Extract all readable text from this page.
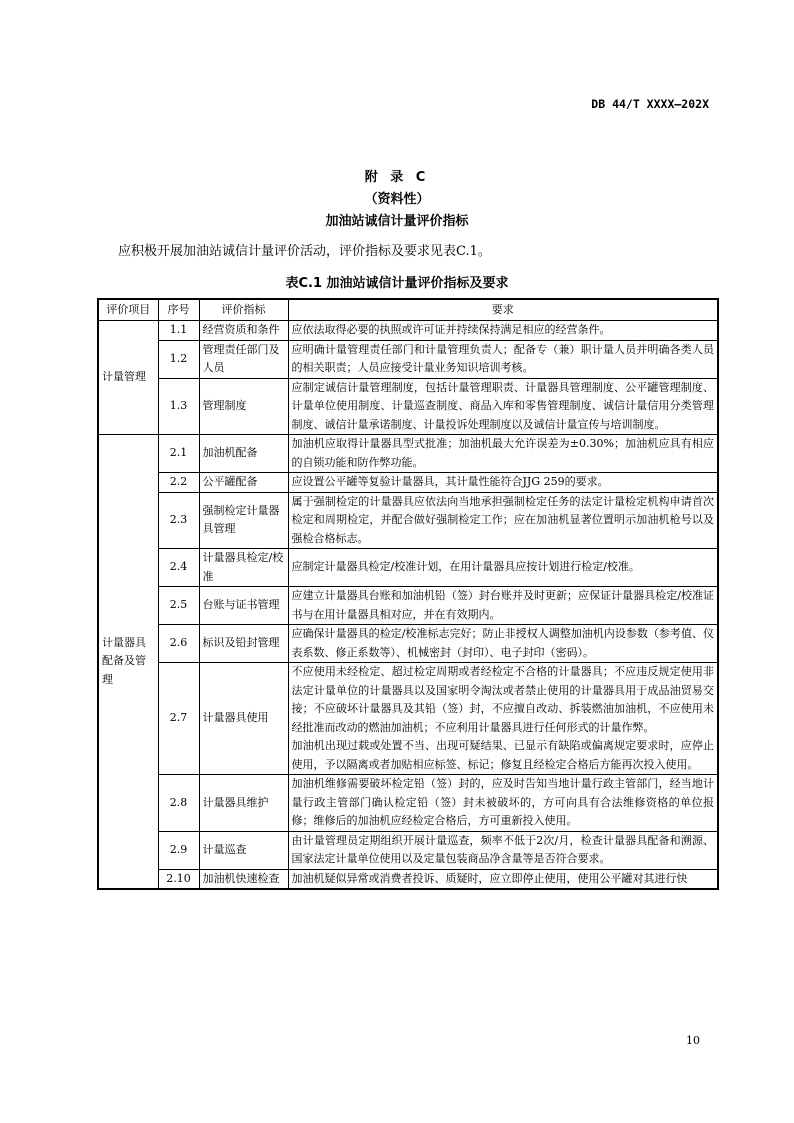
DB 44/T XXXX—202X
附 录 C
（资料性）
加油站诚信计量评价指标
应积极开展加油站诚信计量评价活动，评价指标及要求见表C.1。
表C.1 加油站诚信计量评价指标及要求
评价项目	序号	评价指标	要求
计量管理	1.1	经营资质和条件	应依法取得必要的执照或许可证并持续保持满足相应的经营条件。
	1.2	管理责任部门及人员	应明确计量管理责任部门和计量管理负责人；配备专（兼）职计量人员并明确各类人员的相关职责；人员应接受计量业务知识培训考核。
	1.3	管理制度	应制定诚信计量管理制度，包括计量管理职责、计量器具管理制度、公平罐管理制度、计量单位使用制度、计量巡查制度、商品入库和零售管理制度、诚信计量信用分类管理制度、诚信计量承诺制度、计量投诉处理制度以及诚信计量宣传与培训制度。
计量器具配备及管理	2.1	加油机配备	加油机应取得计量器具型式批准；加油机最大允许误差为±0.30%；加油机应具有相应的自锁功能和防作弊功能。
	2.2	公平罐配备	应设置公平罐等复验计量器具，其计量性能符合JJG 259的要求。
	2.3	强制检定计量器具管理	属于强制检定的计量器具应依法向当地承担强制检定任务的法定计量检定机构申请首次检定和周期检定，并配合做好强制检定工作；应在加油机显著位置明示加油机枪号以及强检合格标志。
	2.4	计量器具检定/校准	应制定计量器具检定/校准计划，在用计量器具应按计划进行检定/校准。
	2.5	台账与证书管理	应建立计量器具台账和加油机铅（签）封台账并及时更新；应保证计量器具检定/校准证书与在用计量器具相对应，并在有效期内。
	2.6	标识及铅封管理	应确保计量器具的检定/校准标志完好；防止非授权人调整加油机内设参数（参考值、仪表系数、修正系数等）、机械密封（封印）、电子封印（密码）。
	2.7	计量器具使用	不应使用未经检定、超过检定周期或者经检定不合格的计量器具；不应违反规定使用非法定计量单位的计量器具以及国家明令淘汰或者禁止使用的计量器具用于成品油贸易交接；不应破坏计量器具及其铅（签）封，不应擅自改动、拆装燃油加油机，不应使用未经批准而改动的燃油加油机；不应利用计量器具进行任何形式的计量作弊。
加油机出现过载或处置不当、出现可疑结果、已显示有缺陷或偏离规定要求时，应停止使用，予以隔离或者加贴相应标签、标记；修复且经检定合格后方能再次投入使用。

	2.8	计量器具维护	加油机维修需要破坏检定铅（签）封的，应及时告知当地计量行政主管部门，经当地计量行政主管部门确认检定铅（签）封未被破坏的，方可向具有合法维修资格的单位报修；维修后的加油机应经检定合格后，方可重新投入使用。
	2.9	计量巡查	由计量管理员定期组织开展计量巡查，频率不低于2次/月，检查计量器具配备和溯源、国家法定计量单位使用以及定量包装商品净含量等是否符合要求。
	2.10	加油机快速检查	加油机疑似异常或消费者投诉、质疑时，应立即停止使用，使用公平罐对其进行快
10
